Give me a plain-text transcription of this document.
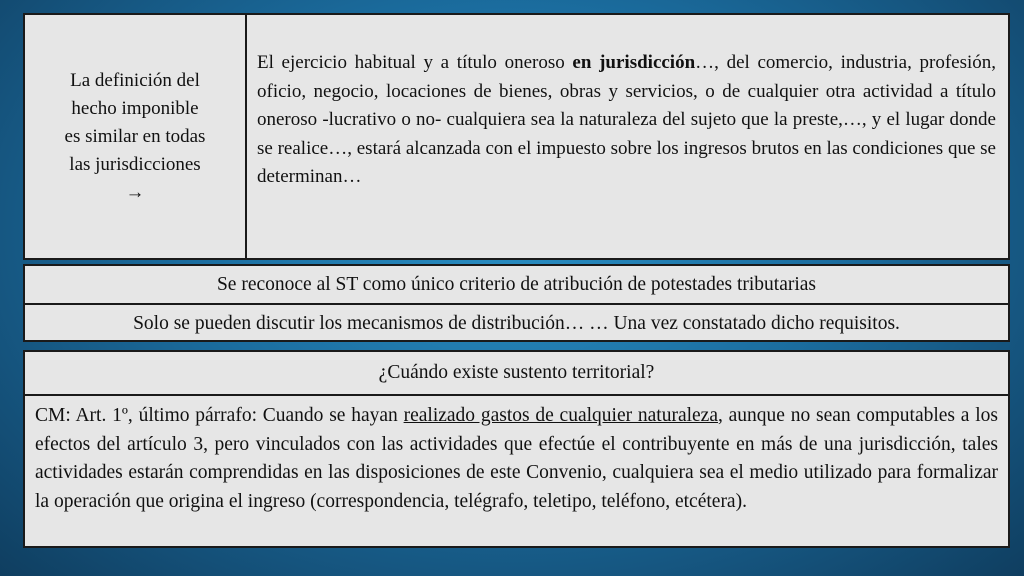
La definición del
hecho imponible
es similar en todas
las jurisdicciones
→
El ejercicio habitual y a título oneroso en jurisdicción…, del comercio, industria, profesión, oficio, negocio, locaciones de bienes, obras y servicios, o de cualquier otra actividad a título oneroso -lucrativo o no- cualquiera sea la naturaleza del sujeto que la preste,…, y el lugar donde se realice…, estará alcanzada con el impuesto sobre los ingresos brutos en las condiciones que se determinan…
Se reconoce al ST como único criterio de atribución de potestades tributarias
Solo se pueden discutir los mecanismos de distribución… … Una vez constatado dicho requisitos.
¿Cuándo existe sustento territorial?
CM: Art. 1º, último párrafo: Cuando se hayan realizado gastos de cualquier naturaleza, aunque no sean computables a los efectos del artículo 3, pero vinculados con las actividades que efectúe el contribuyente en más de una jurisdicción, tales actividades estarán comprendidas en las disposiciones de este Convenio, cualquiera sea el medio utilizado para formalizar la operación que origina el ingreso (correspondencia, telégrafo, teletipo, teléfono, etcétera).
